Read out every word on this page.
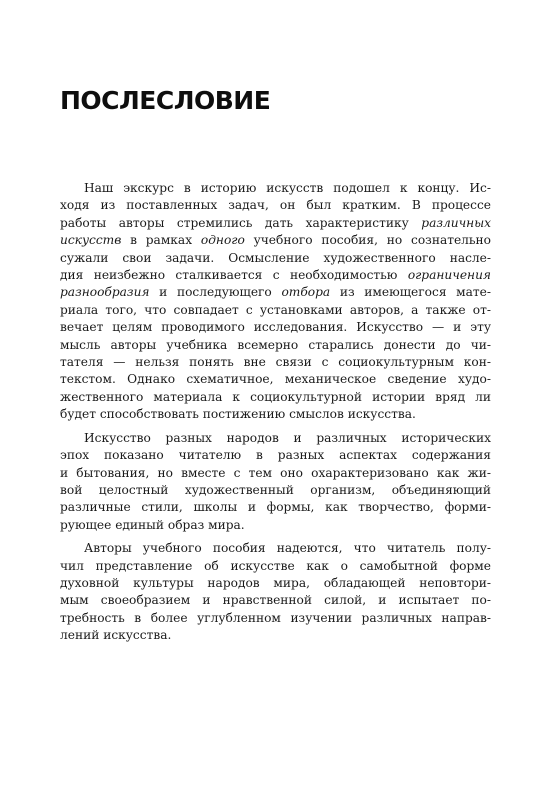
ПОСЛЕСЛОВИЕ
Наш экскурс в историю искусств подошел к концу. Ис-
ходя из поставленных задач, он был кратким. В процессе
работы авторы стремились дать характеристику различных
искусств в рамках одного учебного пособия, но сознательно
сужали свои задачи. Осмысление художественного насле-
дия неизбежно сталкивается с необходимостью ограничения
разнообразия и последующего отбора из имеющегося мате-
риала того, что совпадает с установками авторов, а также от-
вечает целям проводимого исследования. Искусство — и эту
мысль авторы учебника всемерно старались донести до чи-
тателя — нельзя понять вне связи с социокультурным кон-
текстом. Однако схематичное, механическое сведение худо-
жественного материала к социокультурной истории вряд ли
будет способствовать постижению смыслов искусства.
Искусство разных народов и различных исторических
эпох показано читателю в разных аспектах содержания
и бытования, но вместе с тем оно охарактеризовано как жи-
вой целостный художественный организм, объединяющий
различные стили, школы и формы, как творчество, форми-
рующее единый образ мира.
Авторы учебного пособия надеются, что читатель полу-
чил представление об искусстве как о самобытной форме
духовной культуры народов мира, обладающей неповтори-
мым своеобразием и нравственной силой, и испытает по-
требность в более углубленном изучении различных направ-
лений искусства.
